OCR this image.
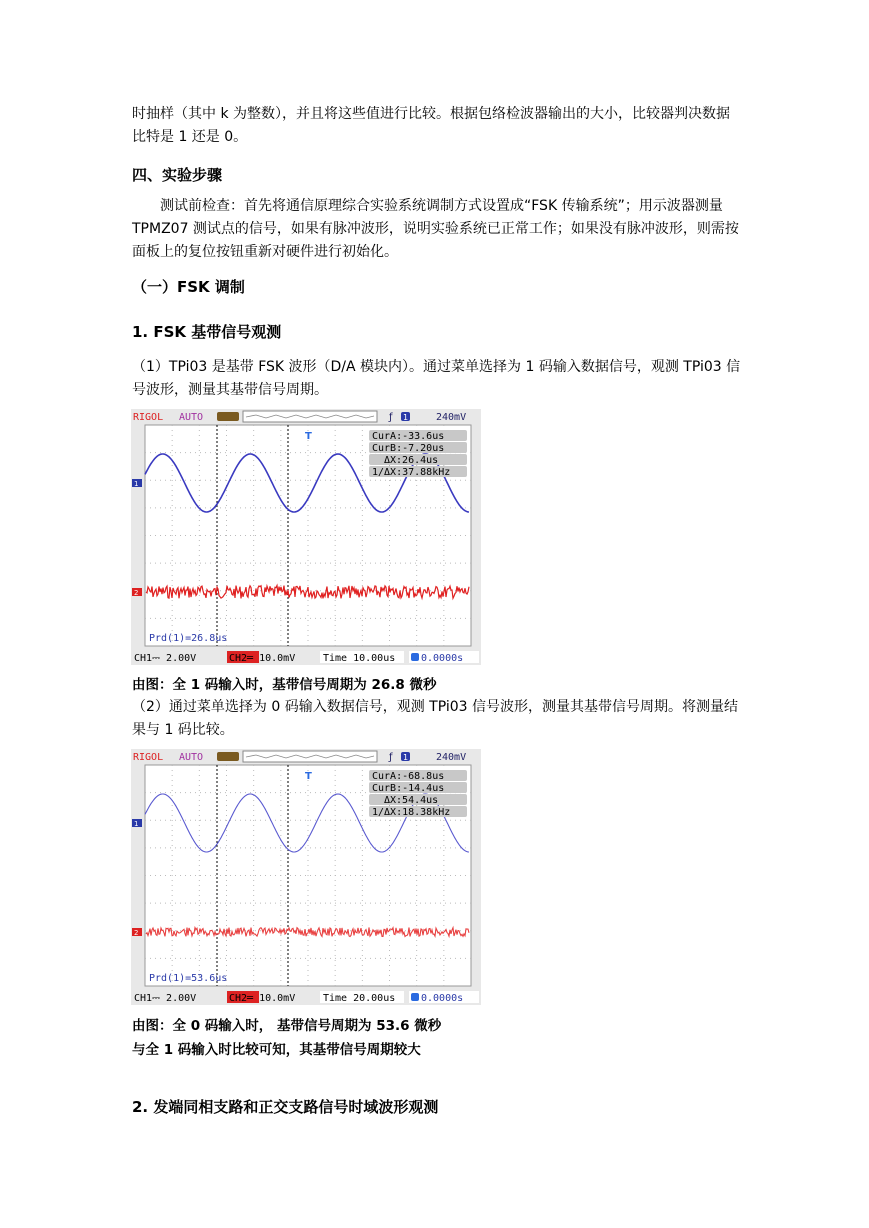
时抽样（其中 k 为整数），并且将这些值进行比较。根据包络检波器输出的大小，比较器判决数据比特是 1 还是 0。
四、实验步骤
测试前检查：首先将通信原理综合实验系统调制方式设置成“FSK 传输系统”；用示波器测量 TPMZ07 测试点的信号，如果有脉冲波形，说明实验系统已正常工作；如果没有脉冲波形，则需按面板上的复位按钮重新对硬件进行初始化。
（一）FSK 调制
1. FSK 基带信号观测
（1）TPi03 是基带 FSK 波形（D/A 模块内）。通过菜单选择为 1 码输入数据信号，观测 TPi03 信号波形，测量其基带信号周期。
RIGOL AUTO	ƒ 1	240mV
T
1
2
CurA:-33.6us
CurB:-7.20us
ΔX:26.4us
1/ΔX:37.88kHz
Prd(1)=26.8us
CH1⎓ 2.00V	CH2═ 10.0mV	Time 10.00us	0.0000s
由图：全 1 码输入时，基带信号周期为 26.8 微秒
（2）通过菜单选择为 0 码输入数据信号，观测 TPi03 信号波形，测量其基带信号周期。将测量结果与 1 码比较。
RIGOL AUTO	ƒ 1	240mV
T
1
2
CurA:-68.8us
CurB:-14.4us
ΔX:54.4us
1/ΔX:18.38kHz
Prd(1)=53.6us
CH1⎓ 2.00V	CH2═ 10.0mV	Time 20.00us	0.0000s
由图：全 0 码输入时， 基带信号周期为 53.6 微秒
与全 1 码输入时比较可知，其基带信号周期较大
2. 发端同相支路和正交支路信号时域波形观测
